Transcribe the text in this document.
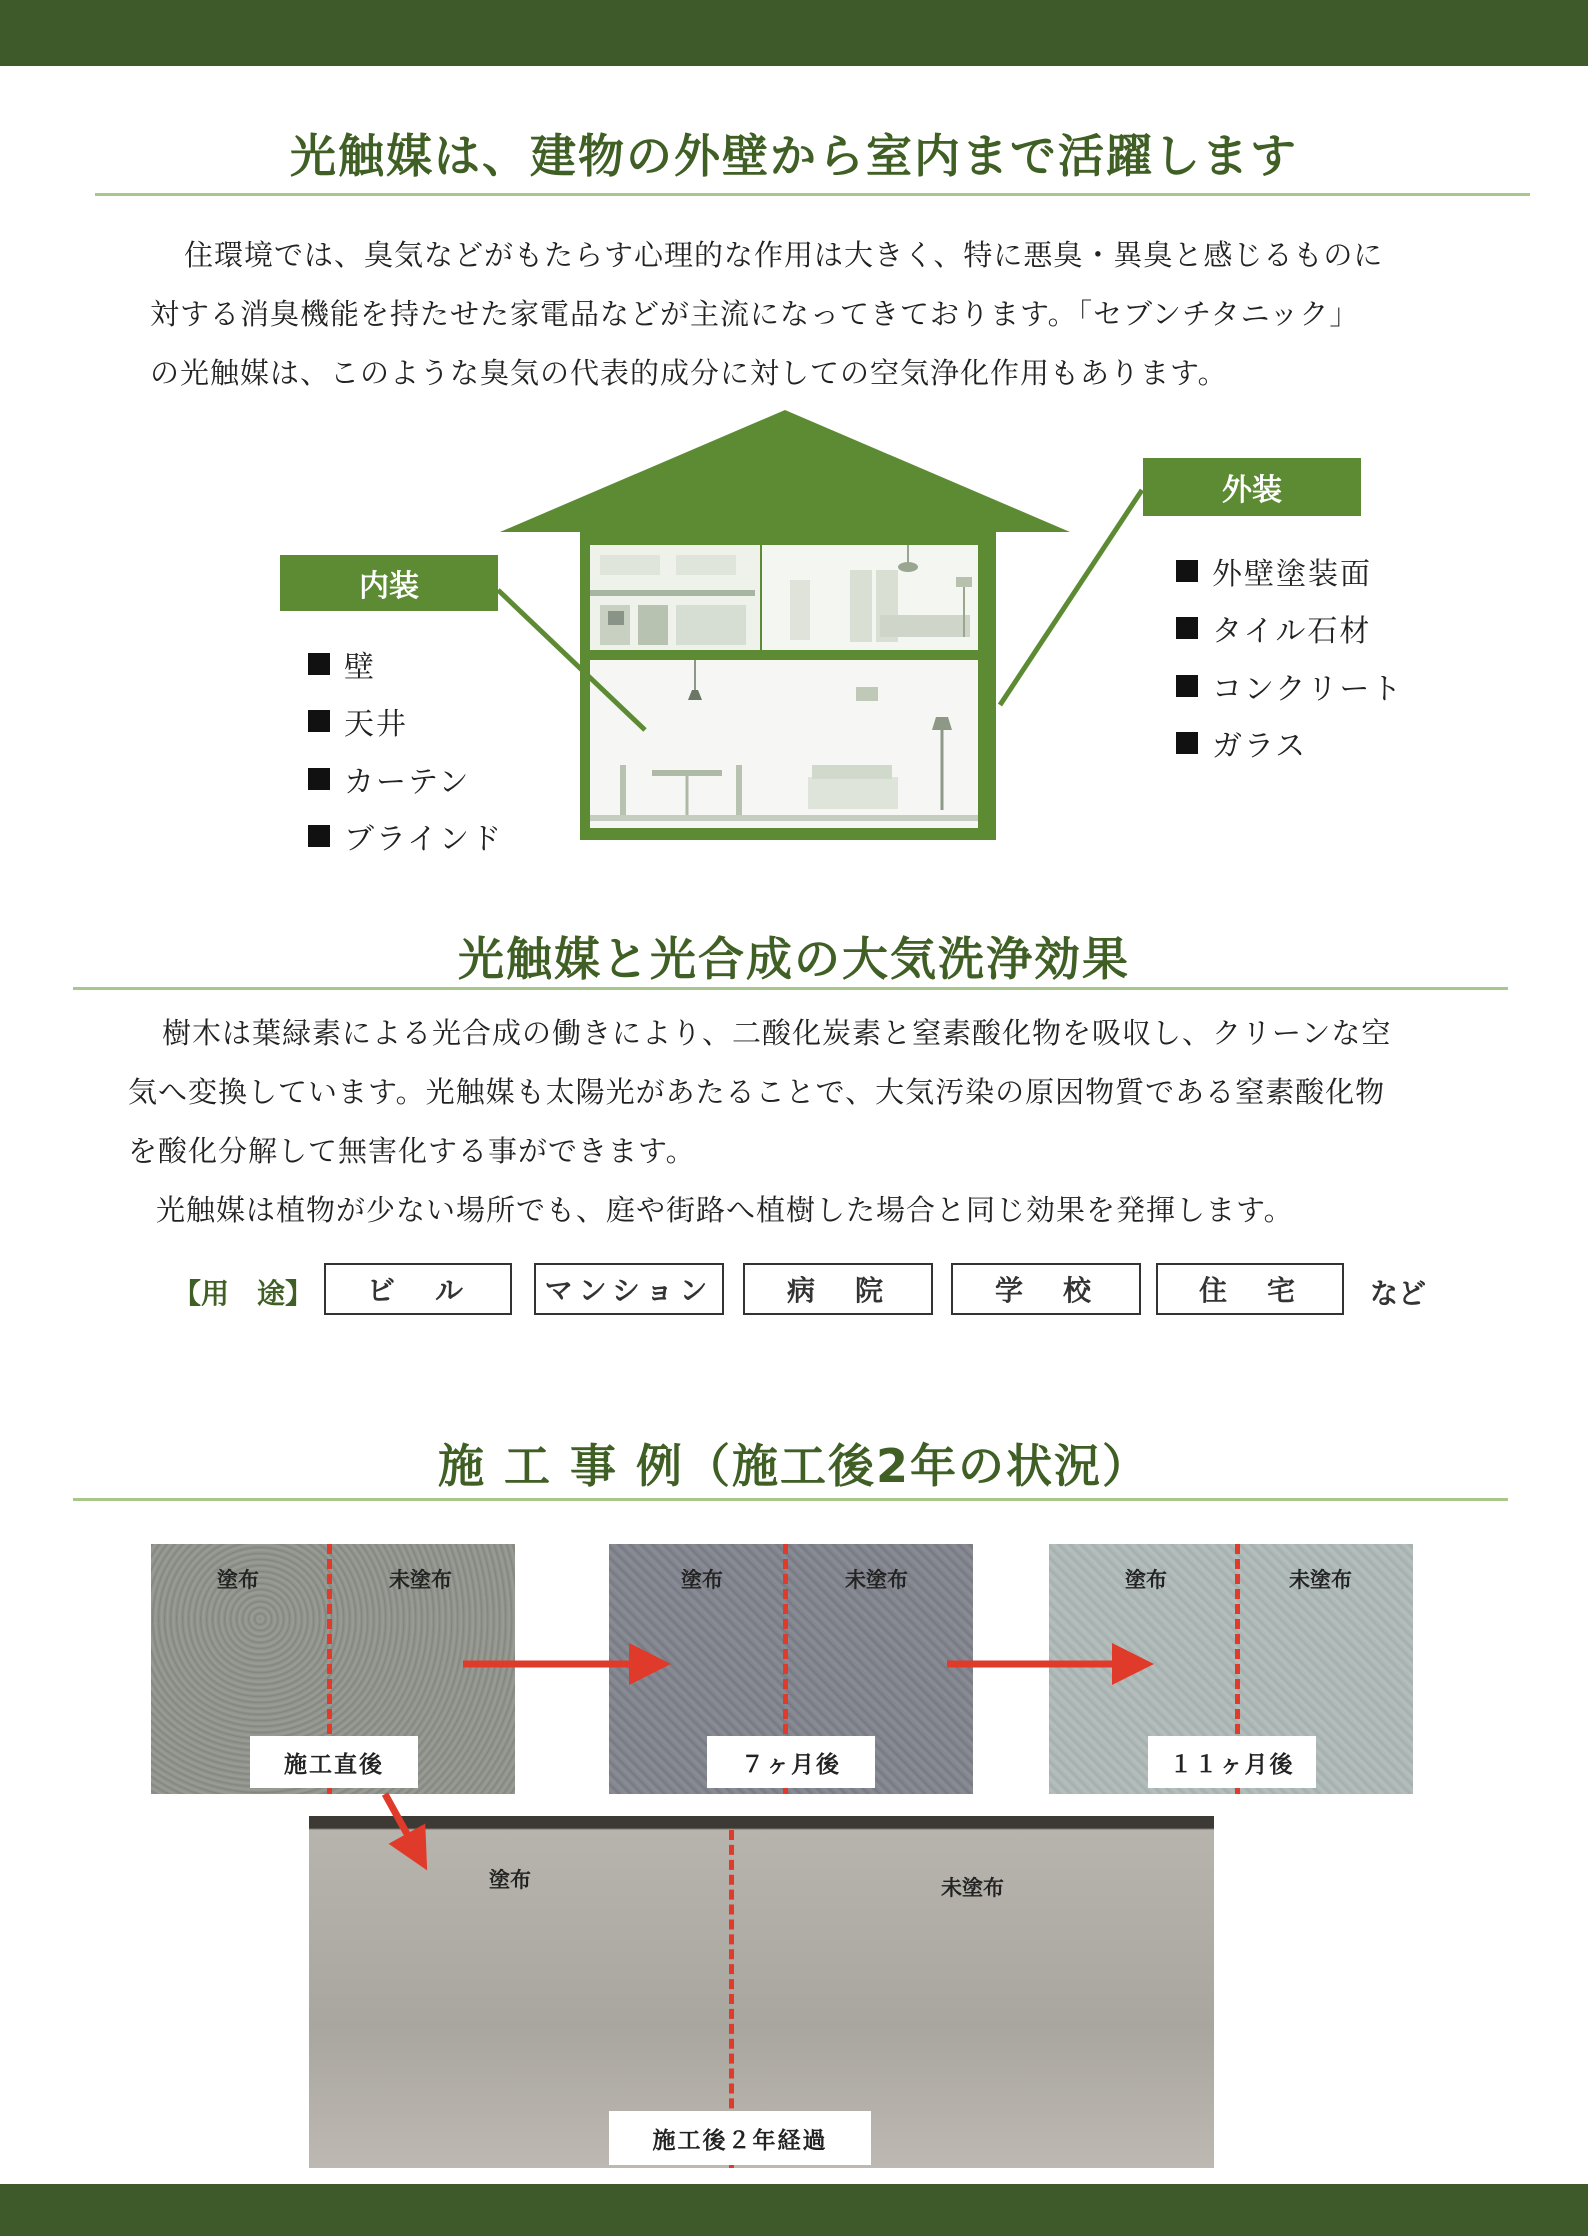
光触媒は、建物の外壁から室内まで活躍します

住環境では、臭気などがもたらす心理的な作用は大きく、特に悪臭・異臭と感じるものに

対する消臭機能を持たせた家電品などが主流になってきております。「セブンチタニック」

の光触媒は、このような臭気の代表的成分に対しての空気浄化作用もあります。

内装
壁
天井
カーテン
ブラインド
外装
外壁塗装面
タイル石材
コンクリート
ガラス
光触媒と光合成の大気洗浄効果

樹木は葉緑素による光合成の働きにより、二酸化炭素と窒素酸化物を吸収し、クリーンな空

気へ変換しています。光触媒も太陽光があたることで、大気汚染の原因物質である窒素酸化物

を酸化分解して無害化する事ができます。

光触媒は植物が少ない場所でも、庭や街路へ植樹した場合と同じ効果を発揮します。

【用　途】	ビ　ル	マンション	病　院	学　校	住　宅	など
施 工 事 例（施工後2年の状況）
塗布	未塗布
施工直後
塗布	未塗布
７ヶ月後
塗布	未塗布
１１ヶ月後
塗布	未塗布
施工後２年経過
